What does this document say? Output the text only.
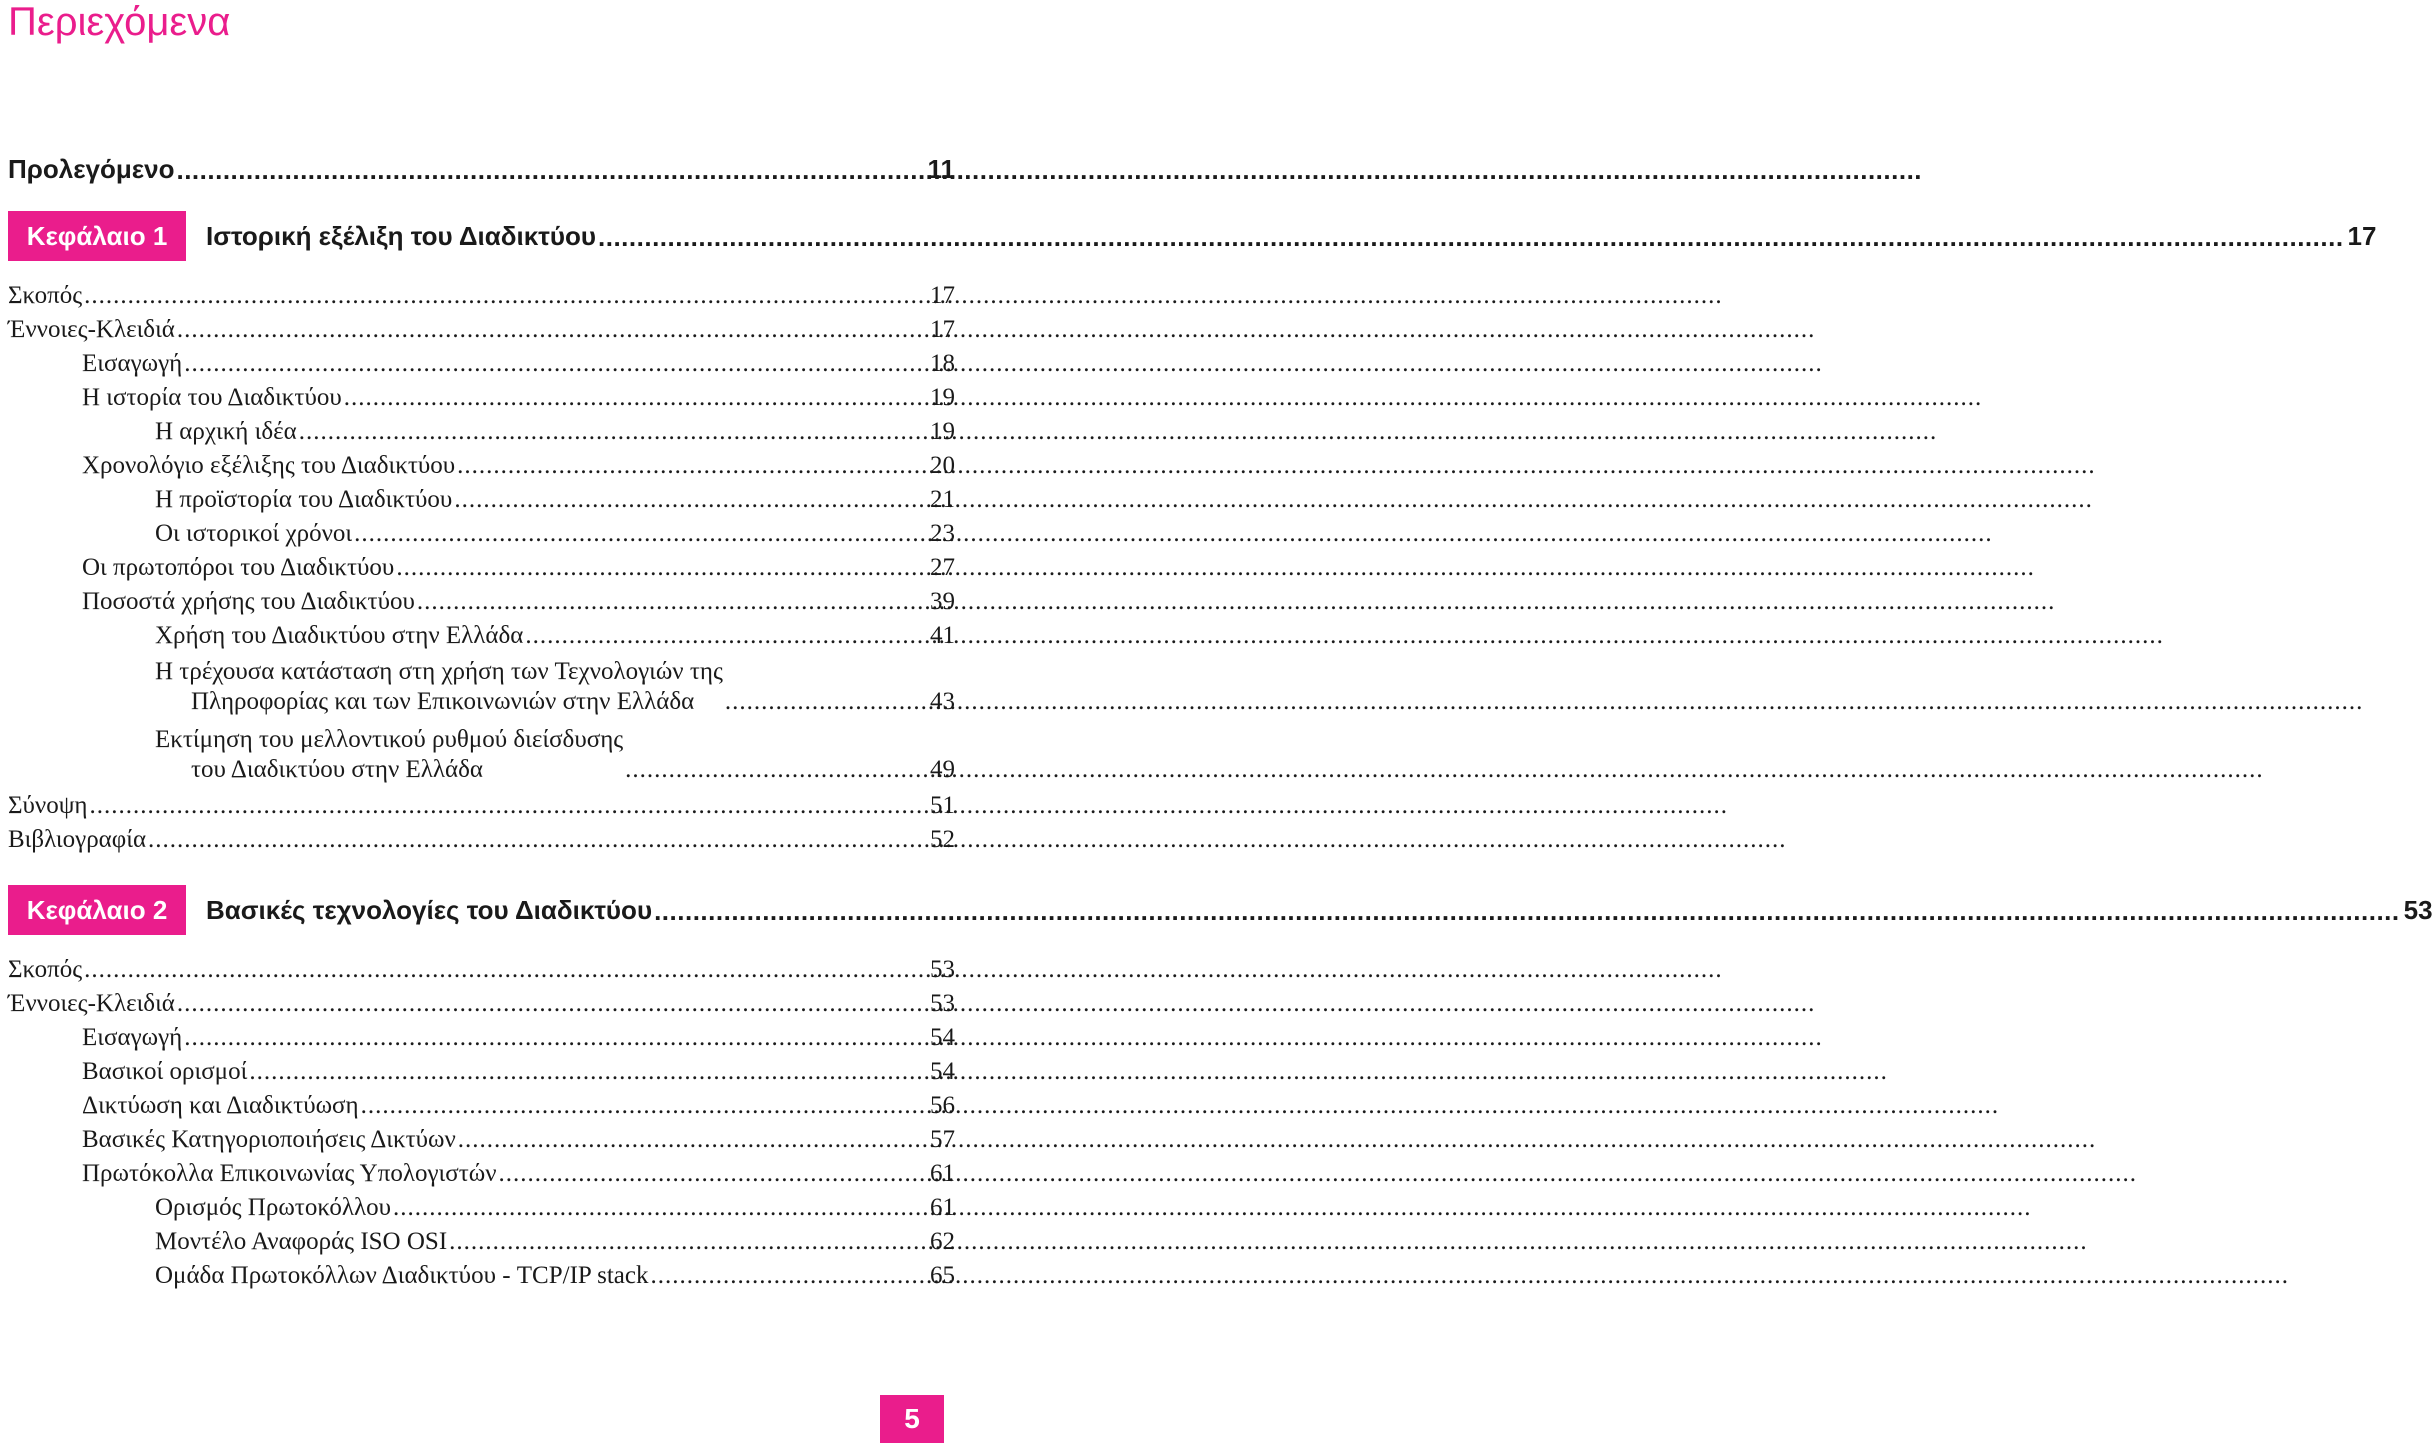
Περιεχόμενα
Προλεγόμενο .....	11
Κεφάλαιο 1	Ιστορική εξέλιξη του Διαδικτύου .....	17
Σκοπός .....	17
Έννοιες-Κλειδιά .....	17
Εισαγωγή .....	18
Η ιστορία του Διαδικτύου .....	19
Η αρχική ιδέα .....	19
Χρονολόγιο εξέλιξης του Διαδικτύου .....	20
Η προϊστορία του Διαδικτύου .....	21
Οι ιστορικοί χρόνοι .....	23
Οι πρωτοπόροι του Διαδικτύου .....	27
Ποσοστά χρήσης του Διαδικτύου .....	39
Χρήση του Διαδικτύου στην Ελλάδα .....	41
Η τρέχουσα κατάσταση στη χρήση των Τεχνολογιών της
Πληροφορίας και των Επικοινωνιών στην Ελλάδα .....	43
Εκτίμηση του μελλοντικού ρυθμού διείσδυσης
του Διαδικτύου στην Ελλάδα .....	49
Σύνοψη .....	51
Βιβλιογραφία .....	52
Κεφάλαιο 2	Βασικές τεχνολογίες του Διαδικτύου .....	53
Σκοπός .....	53
Έννοιες-Κλειδιά .....	53
Εισαγωγή .....	54
Βασικοί ορισμοί .....	54
Δικτύωση και Διαδικτύωση .....	56
Βασικές Κατηγοριοποιήσεις Δικτύων .....	57
Πρωτόκολλα Επικοινωνίας Υπολογιστών .....	61
Ορισμός Πρωτοκόλλου .....	61
Μοντέλο Αναφοράς ISO OSI .....	62
Ομάδα Πρωτοκόλλων Διαδικτύου - TCP/IP stack .....	65
5
